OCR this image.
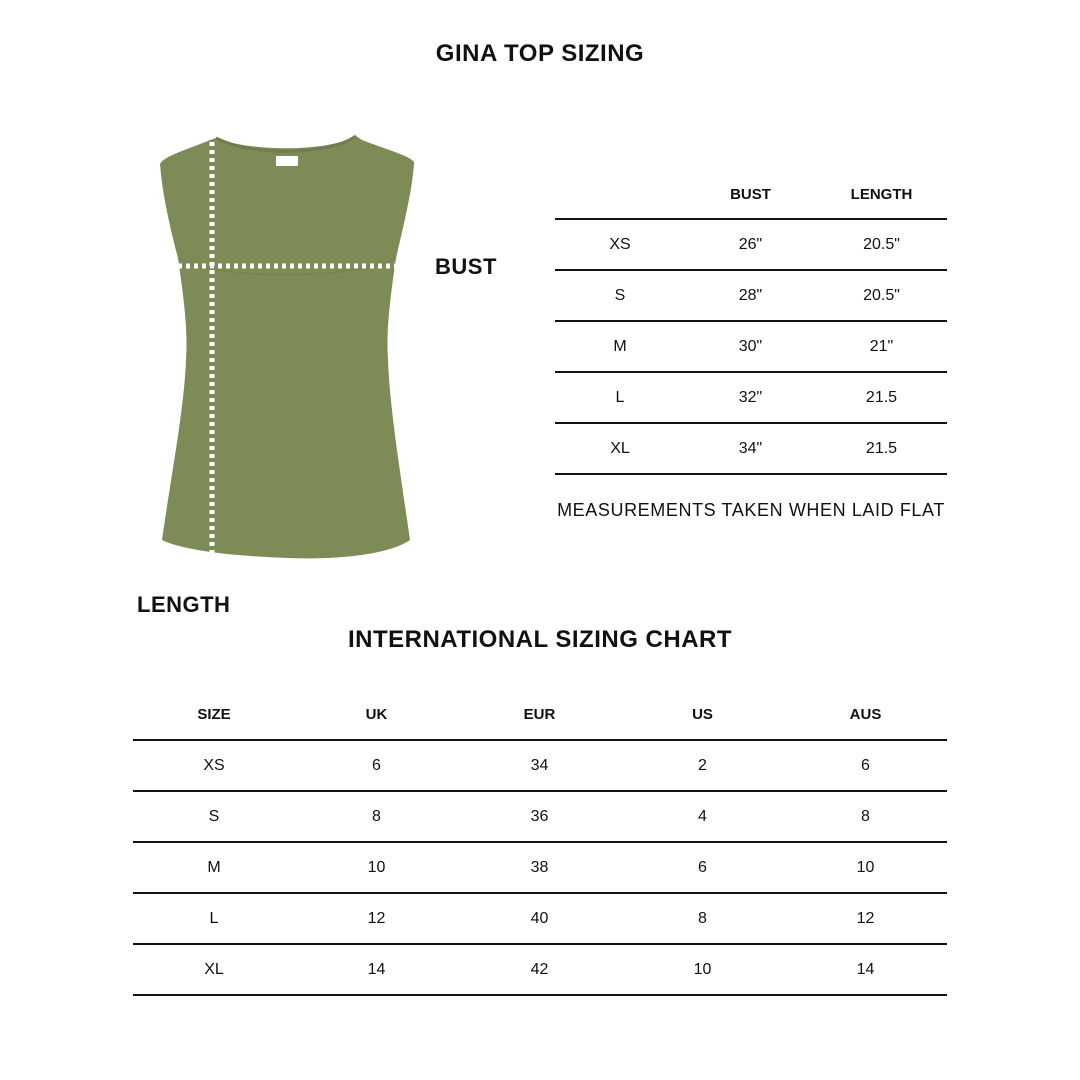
GINA TOP SIZING
BUST
LENGTH
BUST	LENGTH
XS	26"	20.5"
S	28"	20.5"
M	30"	21"
L	32"	21.5
XL	34"	21.5
MEASUREMENTS TAKEN WHEN LAID FLAT
INTERNATIONAL SIZING CHART
SIZE	UK	EUR	US	AUS
XS	6	34	2	6
S	8	36	4	8
M	10	38	6	10
L	12	40	8	12
XL	14	42	10	14
